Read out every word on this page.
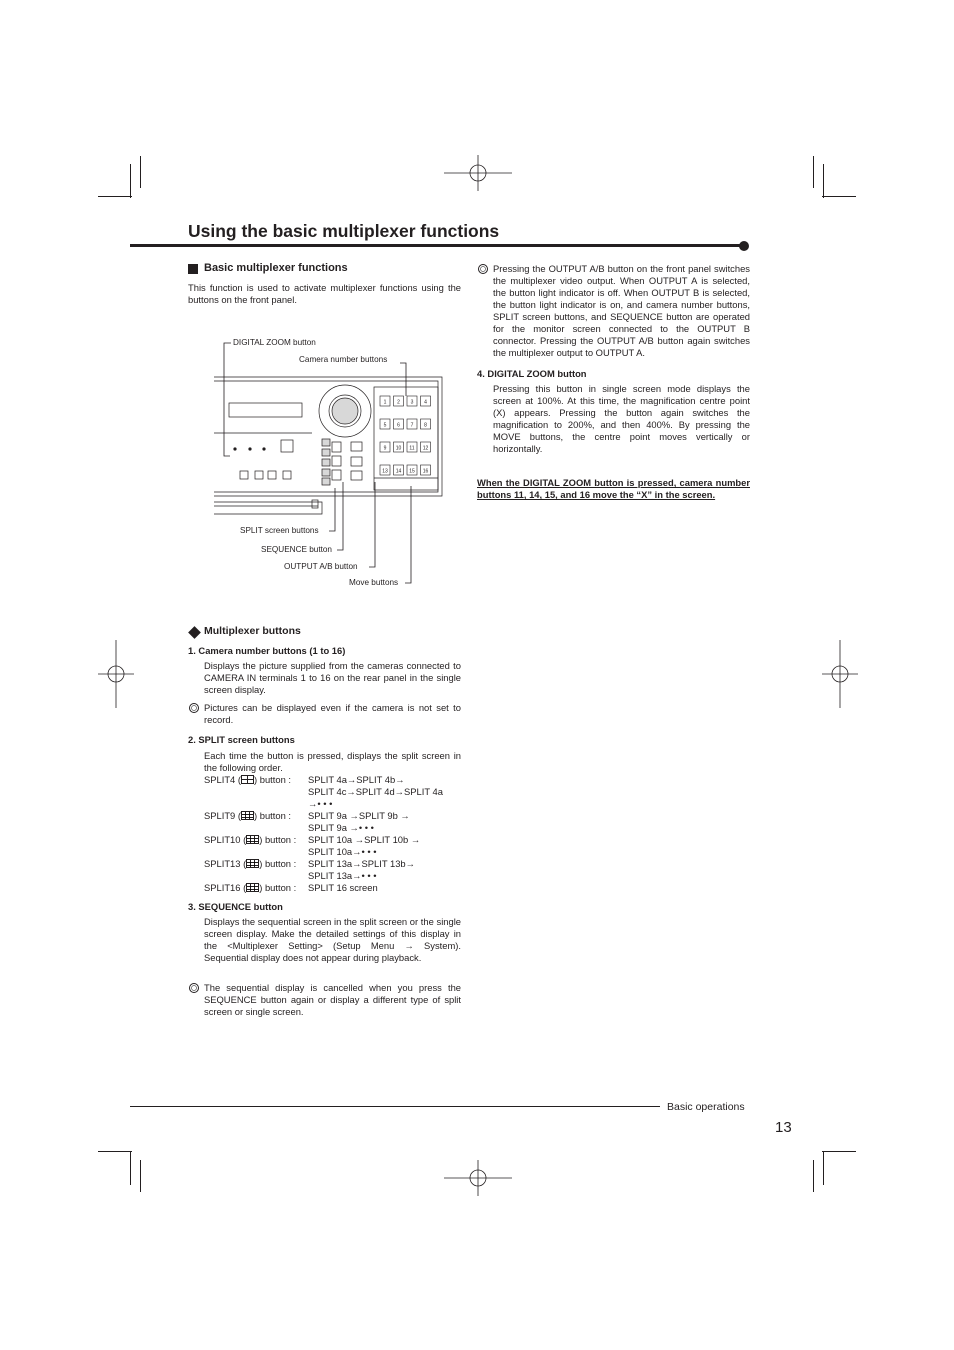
Using the basic multiplexer functions
Basic multiplexer functions
This function is used to activate multiplexer functions using the buttons on the front panel.
1 2 3 4
5 6 7 8
9 10 11 12
13 14 15 16
DIGITAL ZOOM button
Camera number buttons
SPLIT screen buttons
SEQUENCE button
OUTPUT A/B button
Move buttons
Multiplexer buttons
1. Camera number buttons (1 to 16)
Displays the picture supplied from the cameras connected to CAMERA IN terminals 1 to 16 on the rear panel in the single screen display.
Pictures can be displayed even if the camera is not set to record.
2. SPLIT screen buttons
Each time the button is pressed, displays the split screen in the following order.
SPLIT4 ( ) button : SPLIT 4a→SPLIT 4b→
SPLIT 4c→SPLIT 4d→SPLIT 4a
→• • •
SPLIT9 ( ) button : SPLIT 9a →SPLIT 9b →
SPLIT 9a →• • •
SPLIT10 ( ) button : SPLIT 10a →SPLIT 10b →
SPLIT 10a→• • •
SPLIT13 ( ) button : SPLIT 13a→SPLIT 13b→
SPLIT 13a→• • •
SPLIT16 ( ) button : SPLIT 16 screen
3. SEQUENCE button
Displays the sequential screen in the split screen or the single screen display. Make the detailed settings of this display in the <Multiplexer Setting> (Setup Menu → System). Sequential display does not appear during playback.
The sequential display is cancelled when you press the SEQUENCE button again or display a different type of split screen or single screen.
Pressing the OUTPUT A/B button on the front panel switches the multiplexer video output. When OUTPUT A is selected, the button light indicator is off. When OUTPUT B is selected, the button light indicator is on, and camera number buttons, SPLIT screen buttons, and SEQUENCE button are operated for the monitor screen connected to the OUTPUT B connector. Pressing the OUTPUT A/B button again switches the multiplexer output to OUTPUT A.
4. DIGITAL ZOOM button
Pressing this button in single screen mode displays the screen at 100%. At this time, the magnification centre point (X) appears. Pressing the button again switches the magnification to 200%, and then 400%. By pressing the MOVE buttons, the centre point moves vertically or horizontally.
When the DIGITAL ZOOM button is pressed, camera number buttons 11, 14, 15, and 16 move the “X” in the screen.
Basic operations
13
